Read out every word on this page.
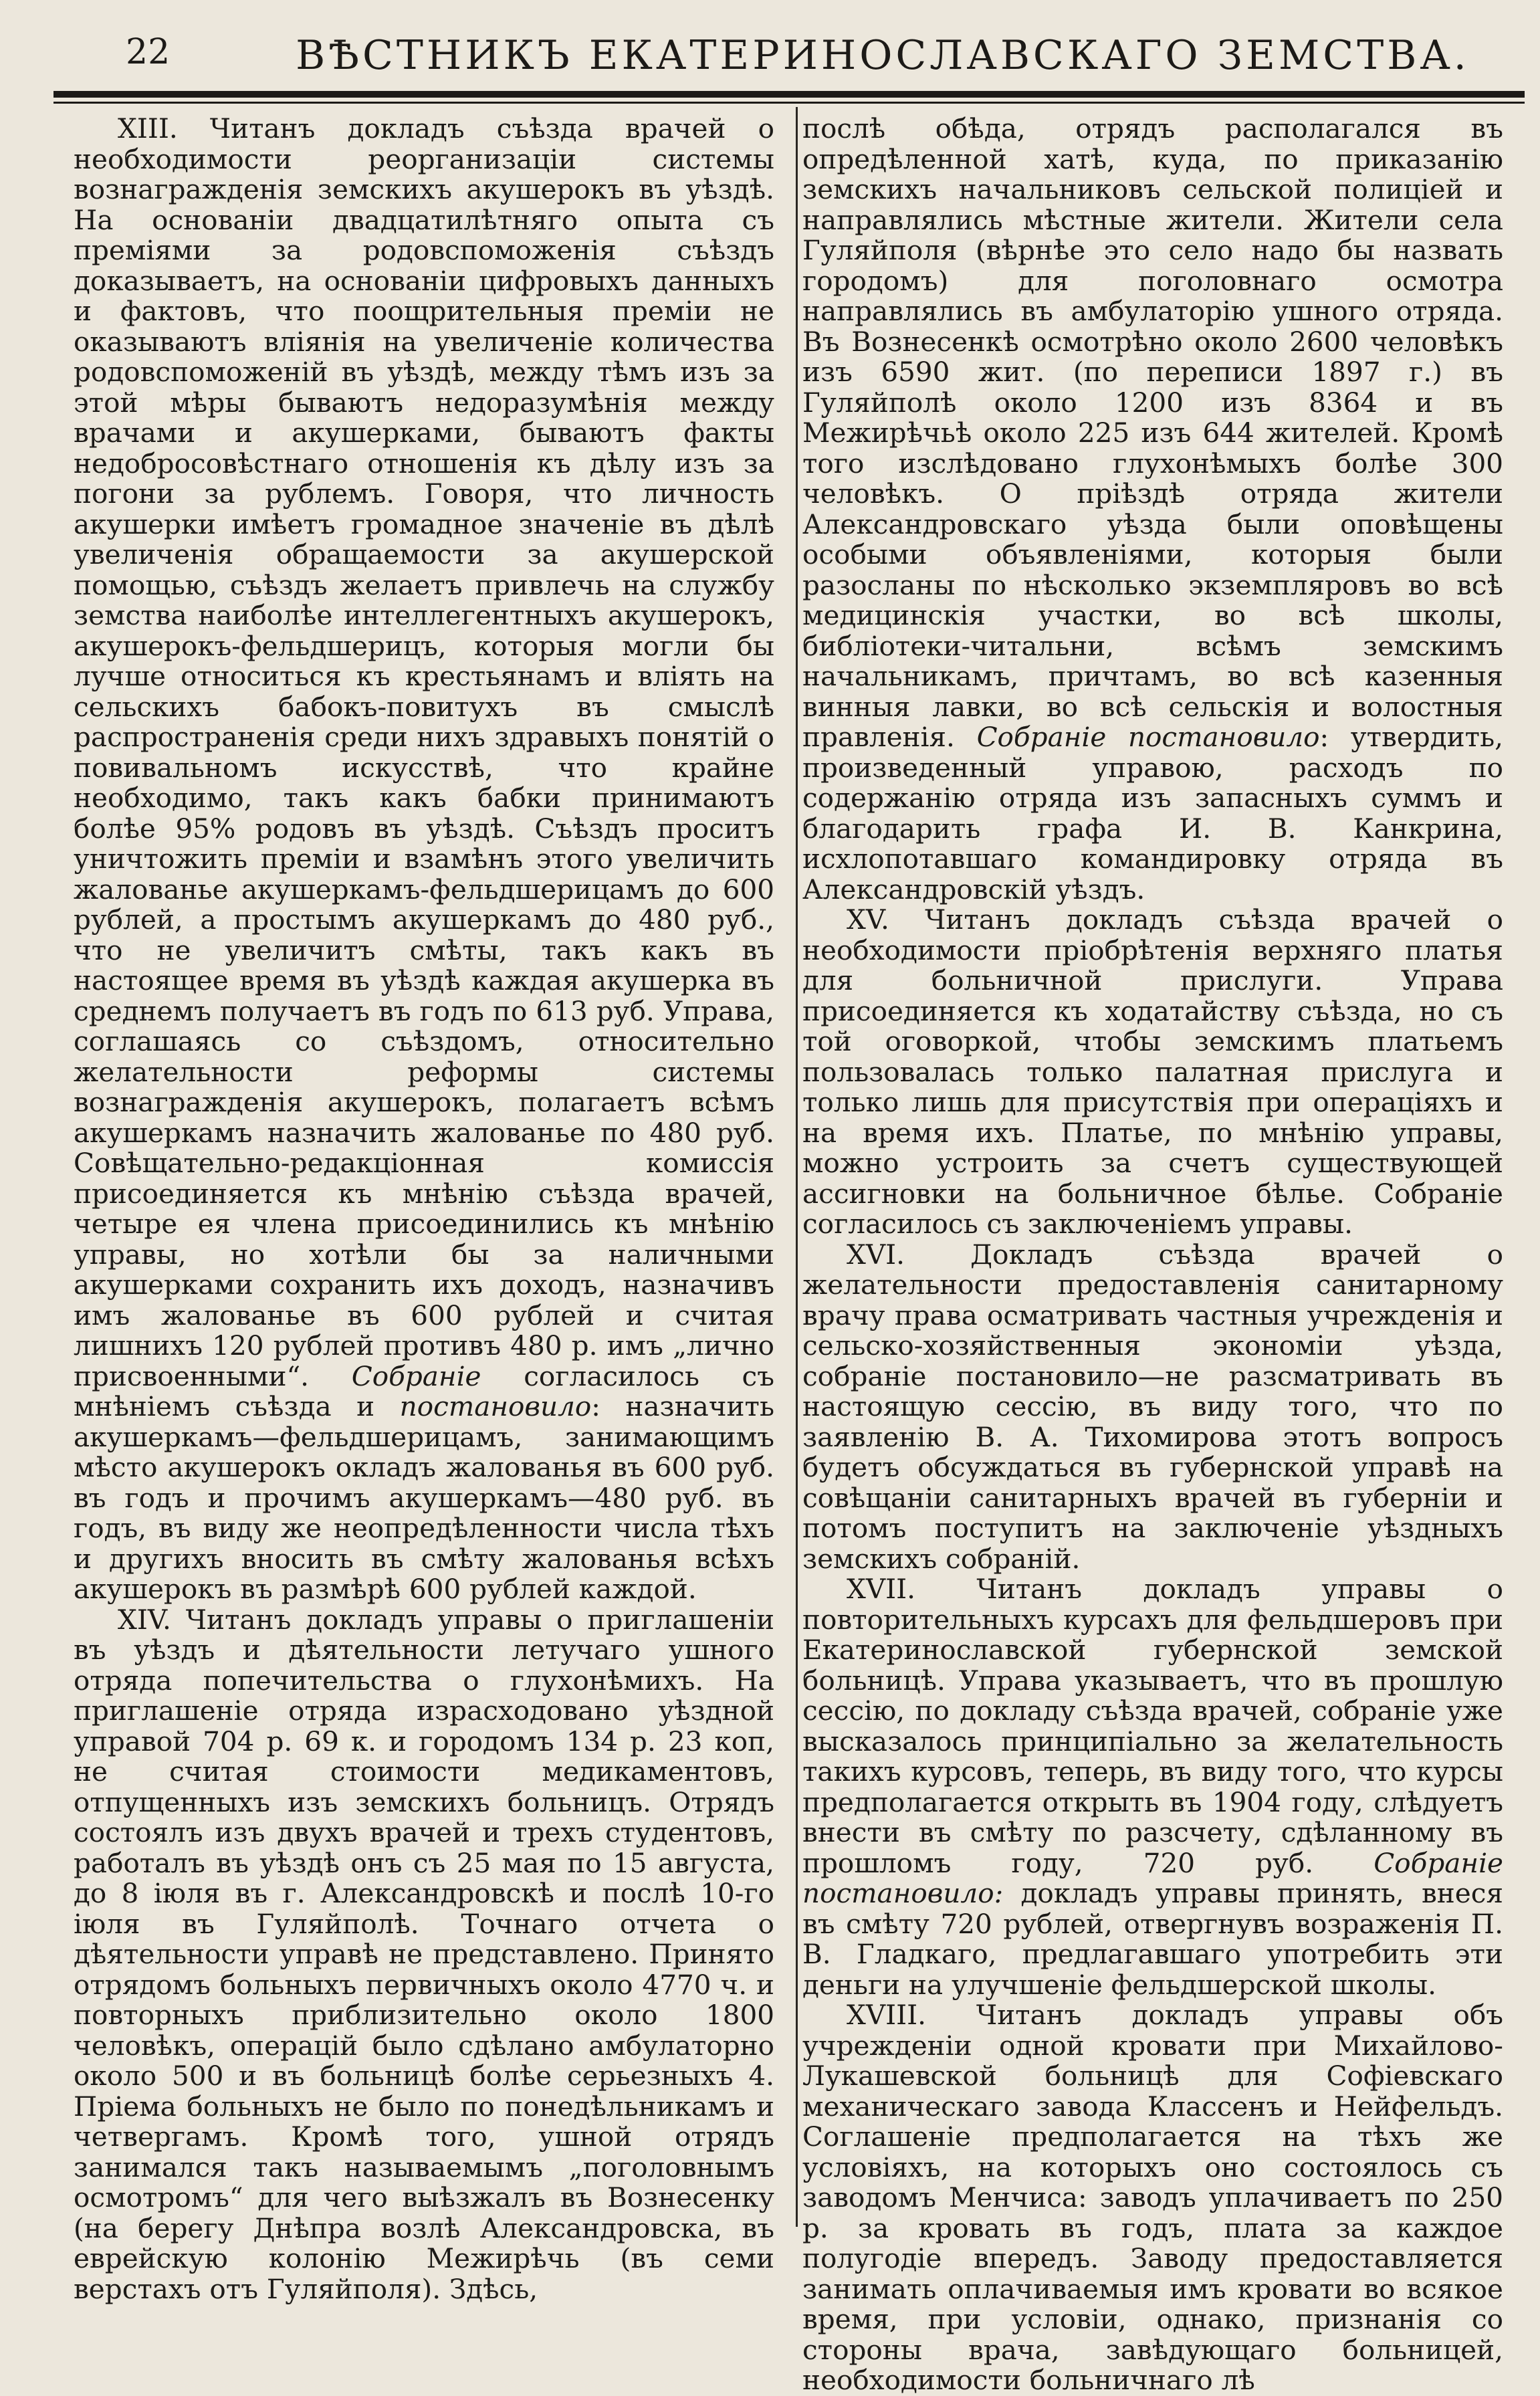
22	ВѢСТНИКЪ ЕКАТЕРИНОСЛАВСКАГО ЗЕМСТВА.

XIII. Читанъ докладъ съѣзда врачей о необходимости реорганизаціи системы вознагражденія земскихъ акушерокъ въ уѣздѣ. На основаніи двадцатилѣтняго опыта съ преміями за родовспоможенія съѣздъ доказываетъ, на основаніи цифровыхъ данныхъ и фактовъ, что поощрительныя преміи не оказываютъ вліянія на увеличеніе количества родовспоможеній въ уѣздѣ, между тѣмъ изъ за этой мѣры бываютъ недоразумѣнія между врачами и акушерками, бываютъ факты недобросовѣстнаго отношенія къ дѣлу изъ за погони за рублемъ. Говоря, что личность акушерки имѣетъ громадное значеніе въ дѣлѣ увеличенія обращаемости за акушерской помощью, съѣздъ желаетъ привлечь на службу земства наиболѣе интеллегентныхъ акушерокъ, акушерокъ-фельдшерицъ, которыя могли бы лучше относиться къ крестьянамъ и вліять на сельскихъ бабокъ-повитухъ въ смыслѣ распространенія среди нихъ здравыхъ понятій о повивальномъ искусствѣ, что крайне необходимо, такъ какъ бабки принимаютъ болѣе 95% родовъ въ уѣздѣ. Съѣздъ проситъ уничтожить преміи и взамѣнъ этого увеличить жалованье акушеркамъ-фельдшерицамъ до 600 рублей, а простымъ акушеркамъ до 480 руб., что не увеличитъ смѣты, такъ какъ въ настоящее время въ уѣздѣ каждая акушерка въ среднемъ получаетъ въ годъ по 613 руб. Управа, соглашаясь со съѣздомъ, относительно желательности реформы системы вознагражденія акушерокъ, полагаетъ всѣмъ акушеркамъ назначить жалованье по 480 руб. Совѣщательно-редакціонная комиссія присоединяется къ мнѣнію съѣзда врачей, четыре ея члена присоединились къ мнѣнію управы, но хотѣли бы за наличными акушерками сохранить ихъ доходъ, назначивъ имъ жалованье въ 600 рублей и считая лишнихъ 120 рублей противъ 480 р. имъ „лично присвоенными“. Собраніе согласилось съ мнѣніемъ съѣзда и постановило: назначить акушеркамъ—фельдшерицамъ, занимающимъ мѣсто акушерокъ окладъ жалованья въ 600 руб. въ годъ и прочимъ акушеркамъ—480 руб. въ годъ, въ виду же неопредѣленности числа тѣхъ и другихъ вносить въ смѣту жалованья всѣхъ акушерокъ въ размѣрѣ 600 рублей каждой.

XIV. Читанъ докладъ управы о приглашеніи въ уѣздъ и дѣятельности летучаго ушного отряда попечительства о глухонѣмихъ. На приглашеніе отряда израсходовано уѣздной управой 704 р. 69 к. и городомъ 134 р. 23 коп, не считая стоимости медикаментовъ, отпущенныхъ изъ земскихъ больницъ. Отрядъ состоялъ изъ двухъ врачей и трехъ студентовъ, работалъ въ уѣздѣ онъ съ 25 мая по 15 августа, до 8 іюля въ г. Александровскѣ и послѣ 10-го іюля въ Гуляйполѣ. Точнаго отчета о дѣятельности управѣ не представлено. Принято отрядомъ больныхъ первичныхъ около 4770 ч. и повторныхъ приблизительно около 1800 человѣкъ, операцій было сдѣлано амбулаторно около 500 и въ больницѣ болѣе серьезныхъ 4. Пріема больныхъ не было по понедѣльникамъ и четвергамъ. Кромѣ того, ушной отрядъ занимался такъ называемымъ „поголовнымъ осмотромъ“ для чего выѣзжалъ въ Вознесенку (на берегу Днѣпра возлѣ Александровска, въ еврейскую колонію Межирѣчь (въ семи верстахъ отъ Гуляйполя). Здѣсь,

послѣ обѣда, отрядъ располагался въ опредѣленной хатѣ, куда, по приказанію земскихъ начальниковъ сельской полиціей и направлялись мѣстные жители. Жители села Гуляйполя (вѣрнѣе это село надо бы назвать городомъ) для поголовнаго осмотра направлялись въ амбулаторію ушного отряда. Въ Вознесенкѣ осмотрѣно около 2600 человѣкъ изъ 6590 жит. (по переписи 1897 г.) въ Гуляйполѣ около 1200 изъ 8364 и въ Межирѣчьѣ около 225 изъ 644 жителей. Кромѣ того изслѣдовано глухонѣмыхъ болѣе 300 человѣкъ. О пріѣздѣ отряда жители Александровскаго уѣзда были оповѣщены особыми объявленіями, которыя были разосланы по нѣсколько экземпляровъ во всѣ медицинскія участки, во всѣ школы, библіотеки-читальни, всѣмъ земскимъ начальникамъ, причтамъ, во всѣ казенныя винныя лавки, во всѣ сельскія и волостныя правленія. Собраніе постановило: утвердить, произведенный управою, расходъ по содержанію отряда изъ запасныхъ суммъ и благодарить графа И. В. Канкрина, исхлопотавшаго командировку отряда въ Александровскій уѣздъ.

XV. Читанъ докладъ съѣзда врачей о необходимости пріобрѣтенія верхняго платья для больничной прислуги. Управа присоединяется къ ходатайству съѣзда, но съ той оговоркой, чтобы земскимъ платьемъ пользовалась только палатная прислуга и только лишь для присутствія при операціяхъ и на время ихъ. Платье, по мнѣнію управы, можно устроить за счетъ существующей ассигновки на больничное бѣлье. Собраніе согласилось съ заключеніемъ управы.

XVI. Докладъ съѣзда врачей о желательности предоставленія санитарному врачу права осматривать частныя учрежденія и сельско-хозяйственныя экономіи уѣзда, собраніе постановило—не разсматривать въ настоящую сессію, въ виду того, что по заявленію В. А. Тихомирова этотъ вопросъ будетъ обсуждаться въ губернской управѣ на совѣщаніи санитарныхъ врачей въ губерніи и потомъ поступитъ на заключеніе уѣздныхъ земскихъ собраній.

XVII. Читанъ докладъ управы о повторительныхъ курсахъ для фельдшеровъ при Екатеринославской губернской земской больницѣ. Управа указываетъ, что въ прошлую сессію, по докладу съѣзда врачей, собраніе уже высказалось принципіально за желательность такихъ курсовъ, теперь, въ виду того, что курсы предполагается открыть въ 1904 году, слѣдуетъ внести въ смѣту по разсчету, сдѣланному въ прошломъ году, 720 руб. Собраніе постановило: докладъ управы принять, внеся въ смѣту 720 рублей, отвергнувъ возраженія П. В. Гладкаго, предлагавшаго употребить эти деньги на улучшеніе фельдшерской школы.

XVIII. Читанъ докладъ управы объ учрежденіи одной кровати при Михайлово-Лукашевской больницѣ для Софіевскаго механическаго завода Классенъ и Нейфельдъ. Соглашеніе предполагается на тѣхъ же условіяхъ, на которыхъ оно состоялось съ заводомъ Менчиса: заводъ уплачиваетъ по 250 р. за кровать въ годъ, плата за каждое полугодіе впередъ. Заводу предоставляется занимать оплачиваемыя имъ кровати во всякое время, при условіи, однако, признанія со стороны врача, завѣдующаго больницей, необходимости больничнаго лѣ
